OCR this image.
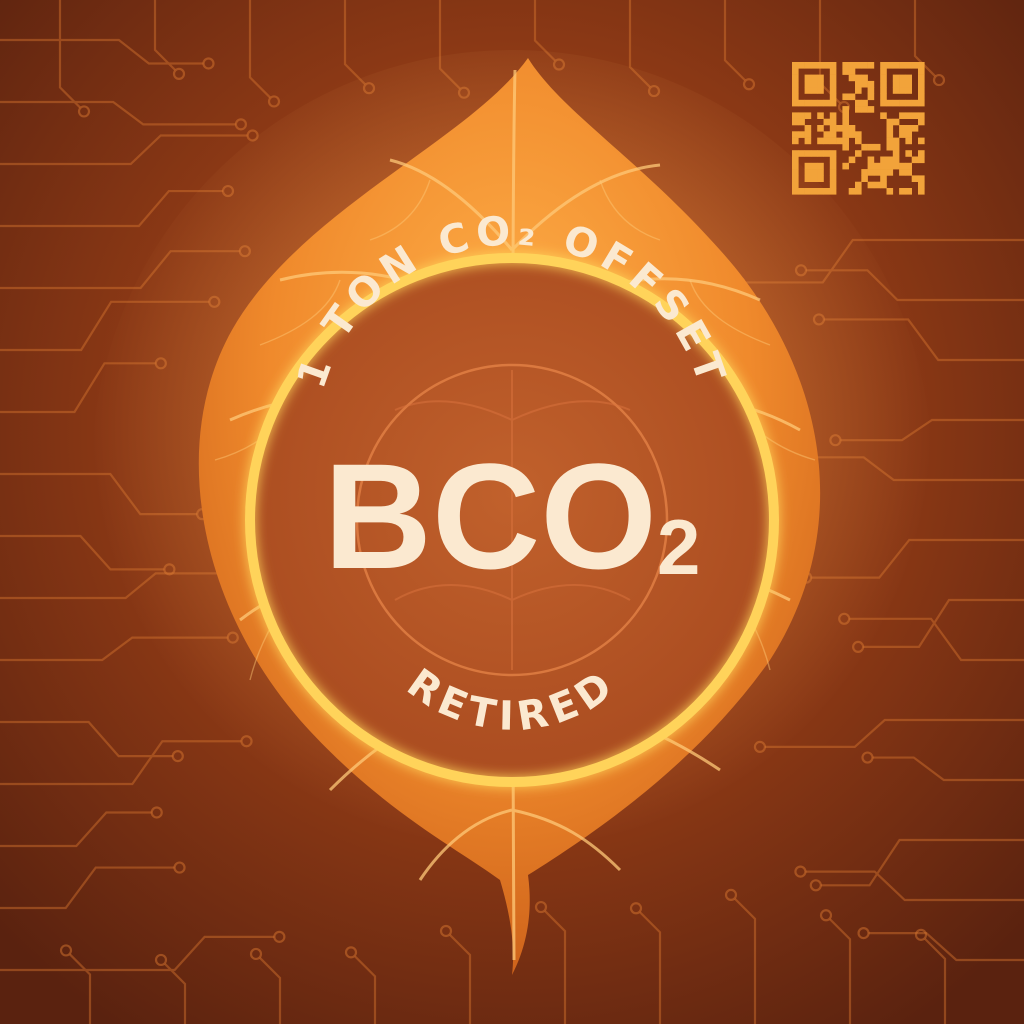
1 TON CO₂ OFFSET
BCO2
RETIRED
